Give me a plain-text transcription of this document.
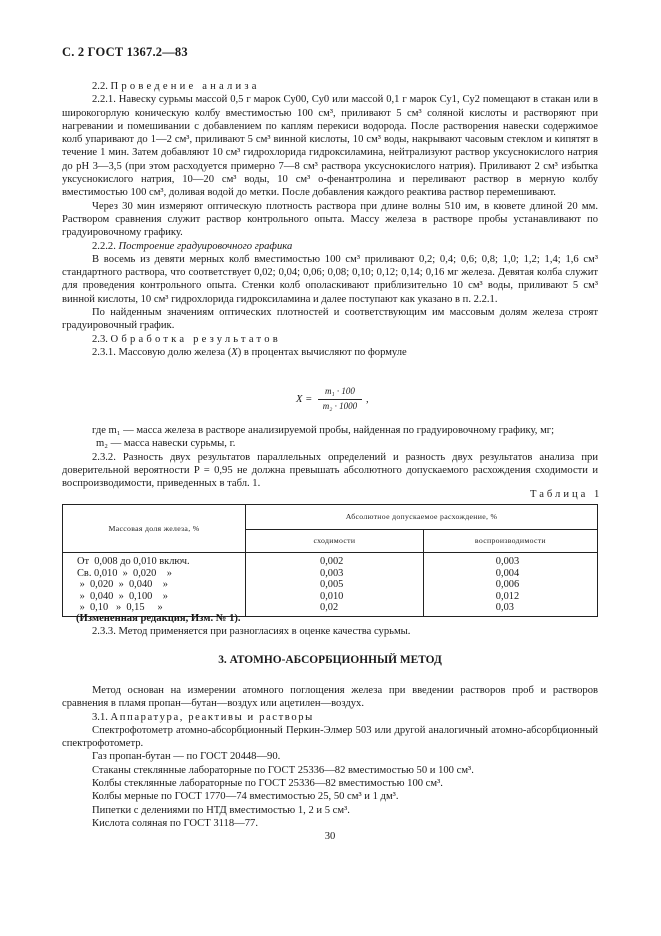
С. 2 ГОСТ 1367.2—83

2.2. Проведение анализа

2.2.1. Навеску сурьмы массой 0,5 г марок Су00, Су0 или массой 0,1 г марок Су1, Су2 помещают в стакан или в широкогорлую коническую колбу вместимостью 100 см³, приливают 5 см³ соляной кислоты и растворяют при нагревании и помешивании с добавлением по каплям перекиси водорода. После растворения навески содержимое колб упаривают до 1—2 см³, приливают 5 см³ винной кислоты, 10 см³ воды, накрывают часовым стеклом и кипятят в течение 1 мин. Затем добавляют 10 см³ гидрохлорида гидроксиламина, нейтрализуют раствор уксуснокислого натрия до pH 3—3,5 (при этом расходуется примерно 7—8 см³ раствора уксуснокислого натрия). Приливают 2 см³ избытка уксуснокислого натрия, 10—20 см³ воды, 10 см³ о-фенантролина и переливают раствор в мерную колбу вместимостью 100 см³, доливая водой до метки. После добавления каждого реактива раствор перемешивают.

Через 30 мин измеряют оптическую плотность раствора при длине волны 510 им, в кювете длиной 20 мм. Раствором сравнения служит раствор контрольного опыта. Массу железа в растворе пробы устанавливают по градуировочному графику.

2.2.2. Построение градуировочного графика

В восемь из девяти мерных колб вместимостью 100 см³ приливают 0,2; 0,4; 0,6; 0,8; 1,0; 1,2; 1,4; 1,6 см³ стандартного раствора, что соответствует 0,02; 0,04; 0,06; 0,08; 0,10; 0,12; 0,14; 0,16 мг железа. Девятая колба служит для проведения контрольного опыта. Стенки колб ополаскивают приблизительно 10 см³ воды, приливают 5 см³ винной кислоты, 10 см³ гидрохлорида гидроксиламина и далее поступают как указано в п. 2.2.1.

По найденным значениям оптических плотностей и соответствующим им массовым долям железа строят градуировочный график.

2.3. Обработка результатов

2.3.1. Массовую долю железа (X) в процентах вычисляют по формуле

$X = \frac{\text{m₁ · 100}}{\text{m₂ · 1000}}$ ,

где m₁ — масса железа в растворе анализируемой пробы, найденная по градуировочному графику, мг;

m₂ — масса навески сурьмы, г.

2.3.2. Разность двух результатов параллельных определений и разность двух результатов анализа при доверительной вероятности P = 0,95 не должна превышать абсолютного допускаемого расхождения сходимости и воспроизводимости, приведенных в табл. 1.

Таблица 1
Массовая доля железа, %	Абсолютное допускаемое расхождение, %	
	сходимости	воспроизводимости
От  0,008 до 0,010 включ.	0,002	0,003
Св. 0,010  »  0,020    »	0,003	0,004
»  0,020  »  0,040    »	0,005	0,006
»  0,040  »  0,100    »	0,010	0,012
»  0,10   »  0,15     »	0,02	0,03

(Измененная редакция, Изм. № 1).

2.3.3. Метод применяется при разногласиях в оценке качества сурьмы.

3. АТОМНО-АБСОРБЦИОННЫЙ МЕТОД

Метод основан на измерении атомного поглощения железа при введении растворов проб и растворов сравнения в пламя пропан—бутан—воздух или ацетилен—воздух.

3.1. Аппаратура, реактивы и растворы

Спектрофотометр атомно-абсорбционный Перкин-Элмер 503 или другой аналогичный атомно-абсорбционный спектрофотометр.

Газ пропан-бутан — по ГОСТ 20448—90.

Стаканы стеклянные лабораторные по ГОСТ 25336—82 вместимостью 50 и 100 см³.

Колбы стеклянные лабораторные по ГОСТ 25336—82 вместимостью 100 см³.

Колбы мерные по ГОСТ 1770—74 вместимостью 25, 50 см³ и 1 дм³.

Пипетки с делениями по НТД вместимостью 1, 2 и 5 см³.

Кислота соляная по ГОСТ 3118—77.

30
